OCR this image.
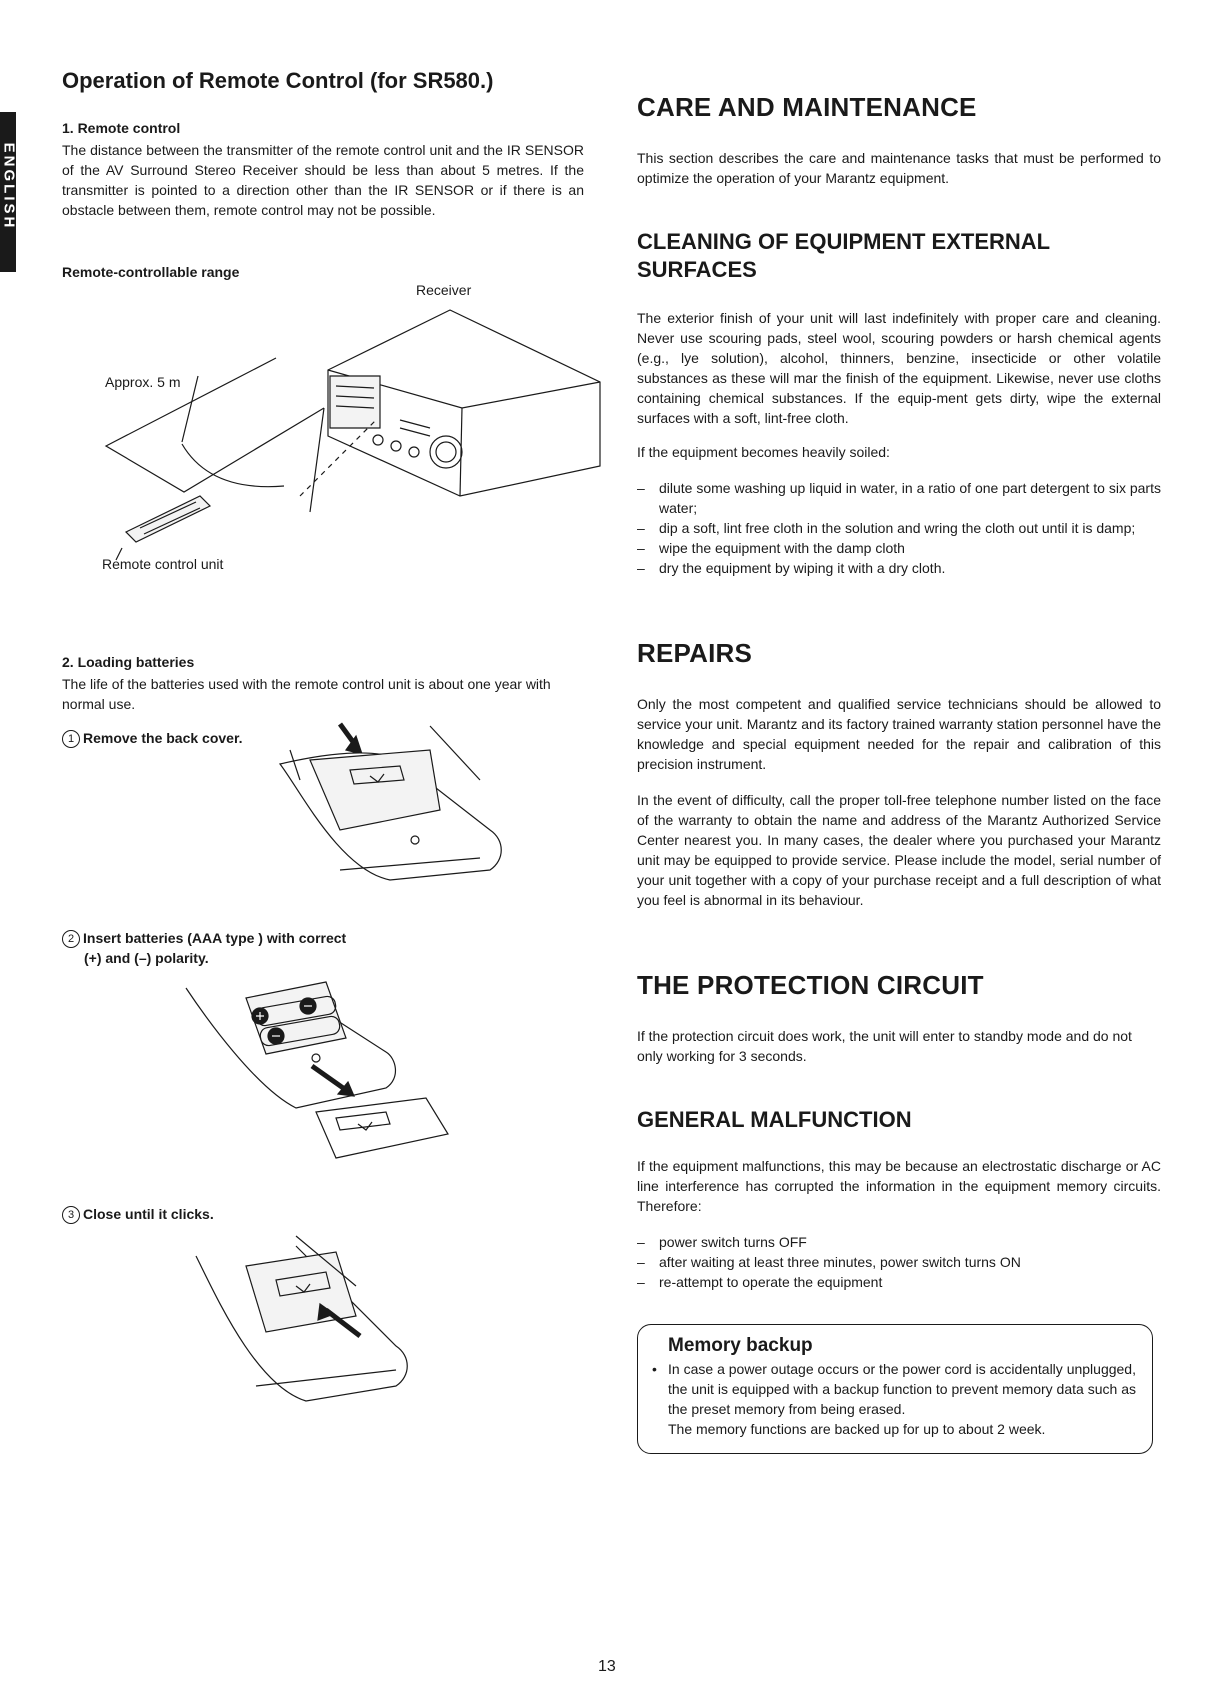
ENGLISH
Operation of Remote Control (for SR580.)
1. Remote control
The distance between the transmitter of the remote control unit and the IR SENSOR of the AV Surround Stereo Receiver should be less than about 5 metres. If the transmitter is pointed to a direction other than the IR SENSOR or if there is an obstacle between them, remote control may not be possible.
Remote-controllable range
Receiver
Approx. 5 m
Remote control unit
2. Loading batteries
The life of the batteries used with the remote control unit is about one year with normal use.
1 Remove the back cover.
2 Insert batteries (AAA type ) with correct
(+) and (–) polarity.
3 Close until it clicks.
CARE AND MAINTENANCE
This section describes the care and maintenance tasks that must be performed to optimize the operation of your Marantz equipment.
CLEANING OF EQUIPMENT EXTERNAL
SURFACES
The exterior finish of your unit will last indefinitely with proper care and cleaning. Never use scouring pads, steel wool, scouring powders or harsh chemical agents (e.g., lye solution), alcohol, thinners, benzine, insecticide or other volatile substances as these will mar the finish of the equipment. Likewise, never use cloths containing chemical substances. If the equip-ment gets dirty, wipe the external surfaces with a soft, lint-free cloth.
If the equipment becomes heavily soiled:
– dilute some washing up liquid in water, in a ratio of one part detergent to six parts water;
– dip a soft, lint free cloth in the solution and wring the cloth out until it is damp;
– wipe the equipment with the damp cloth
– dry the equipment by wiping it with a dry cloth.
REPAIRS
Only the most competent and qualified service technicians should be allowed to service your unit. Marantz and its factory trained warranty station personnel have the knowledge and special equipment needed for the repair and calibration of this precision instrument.
In the event of difficulty, call the proper toll-free telephone number listed on the face of the warranty to obtain the name and address of the Marantz Authorized Service Center nearest you. In many cases, the dealer where you purchased your Marantz unit may be equipped to provide service. Please include the model, serial number of your unit together with a copy of your purchase receipt and a full description of what you feel is abnormal in its behaviour.
THE PROTECTION CIRCUIT
If the protection circuit does work, the unit will enter to standby mode and do not only working for 3 seconds.
GENERAL MALFUNCTION
If the equipment malfunctions, this may be because an electrostatic discharge or AC line interference has corrupted the information in the equipment memory circuits. Therefore:
– power switch turns OFF
– after waiting at least three minutes, power switch turns ON
– re-attempt to operate the equipment
Memory backup

• In case a power outage occurs or the power cord is accidentally unplugged, the unit is equipped with a backup function to prevent memory data such as the preset memory from being erased.

The memory functions are backed up for up to about 2 week.

13
